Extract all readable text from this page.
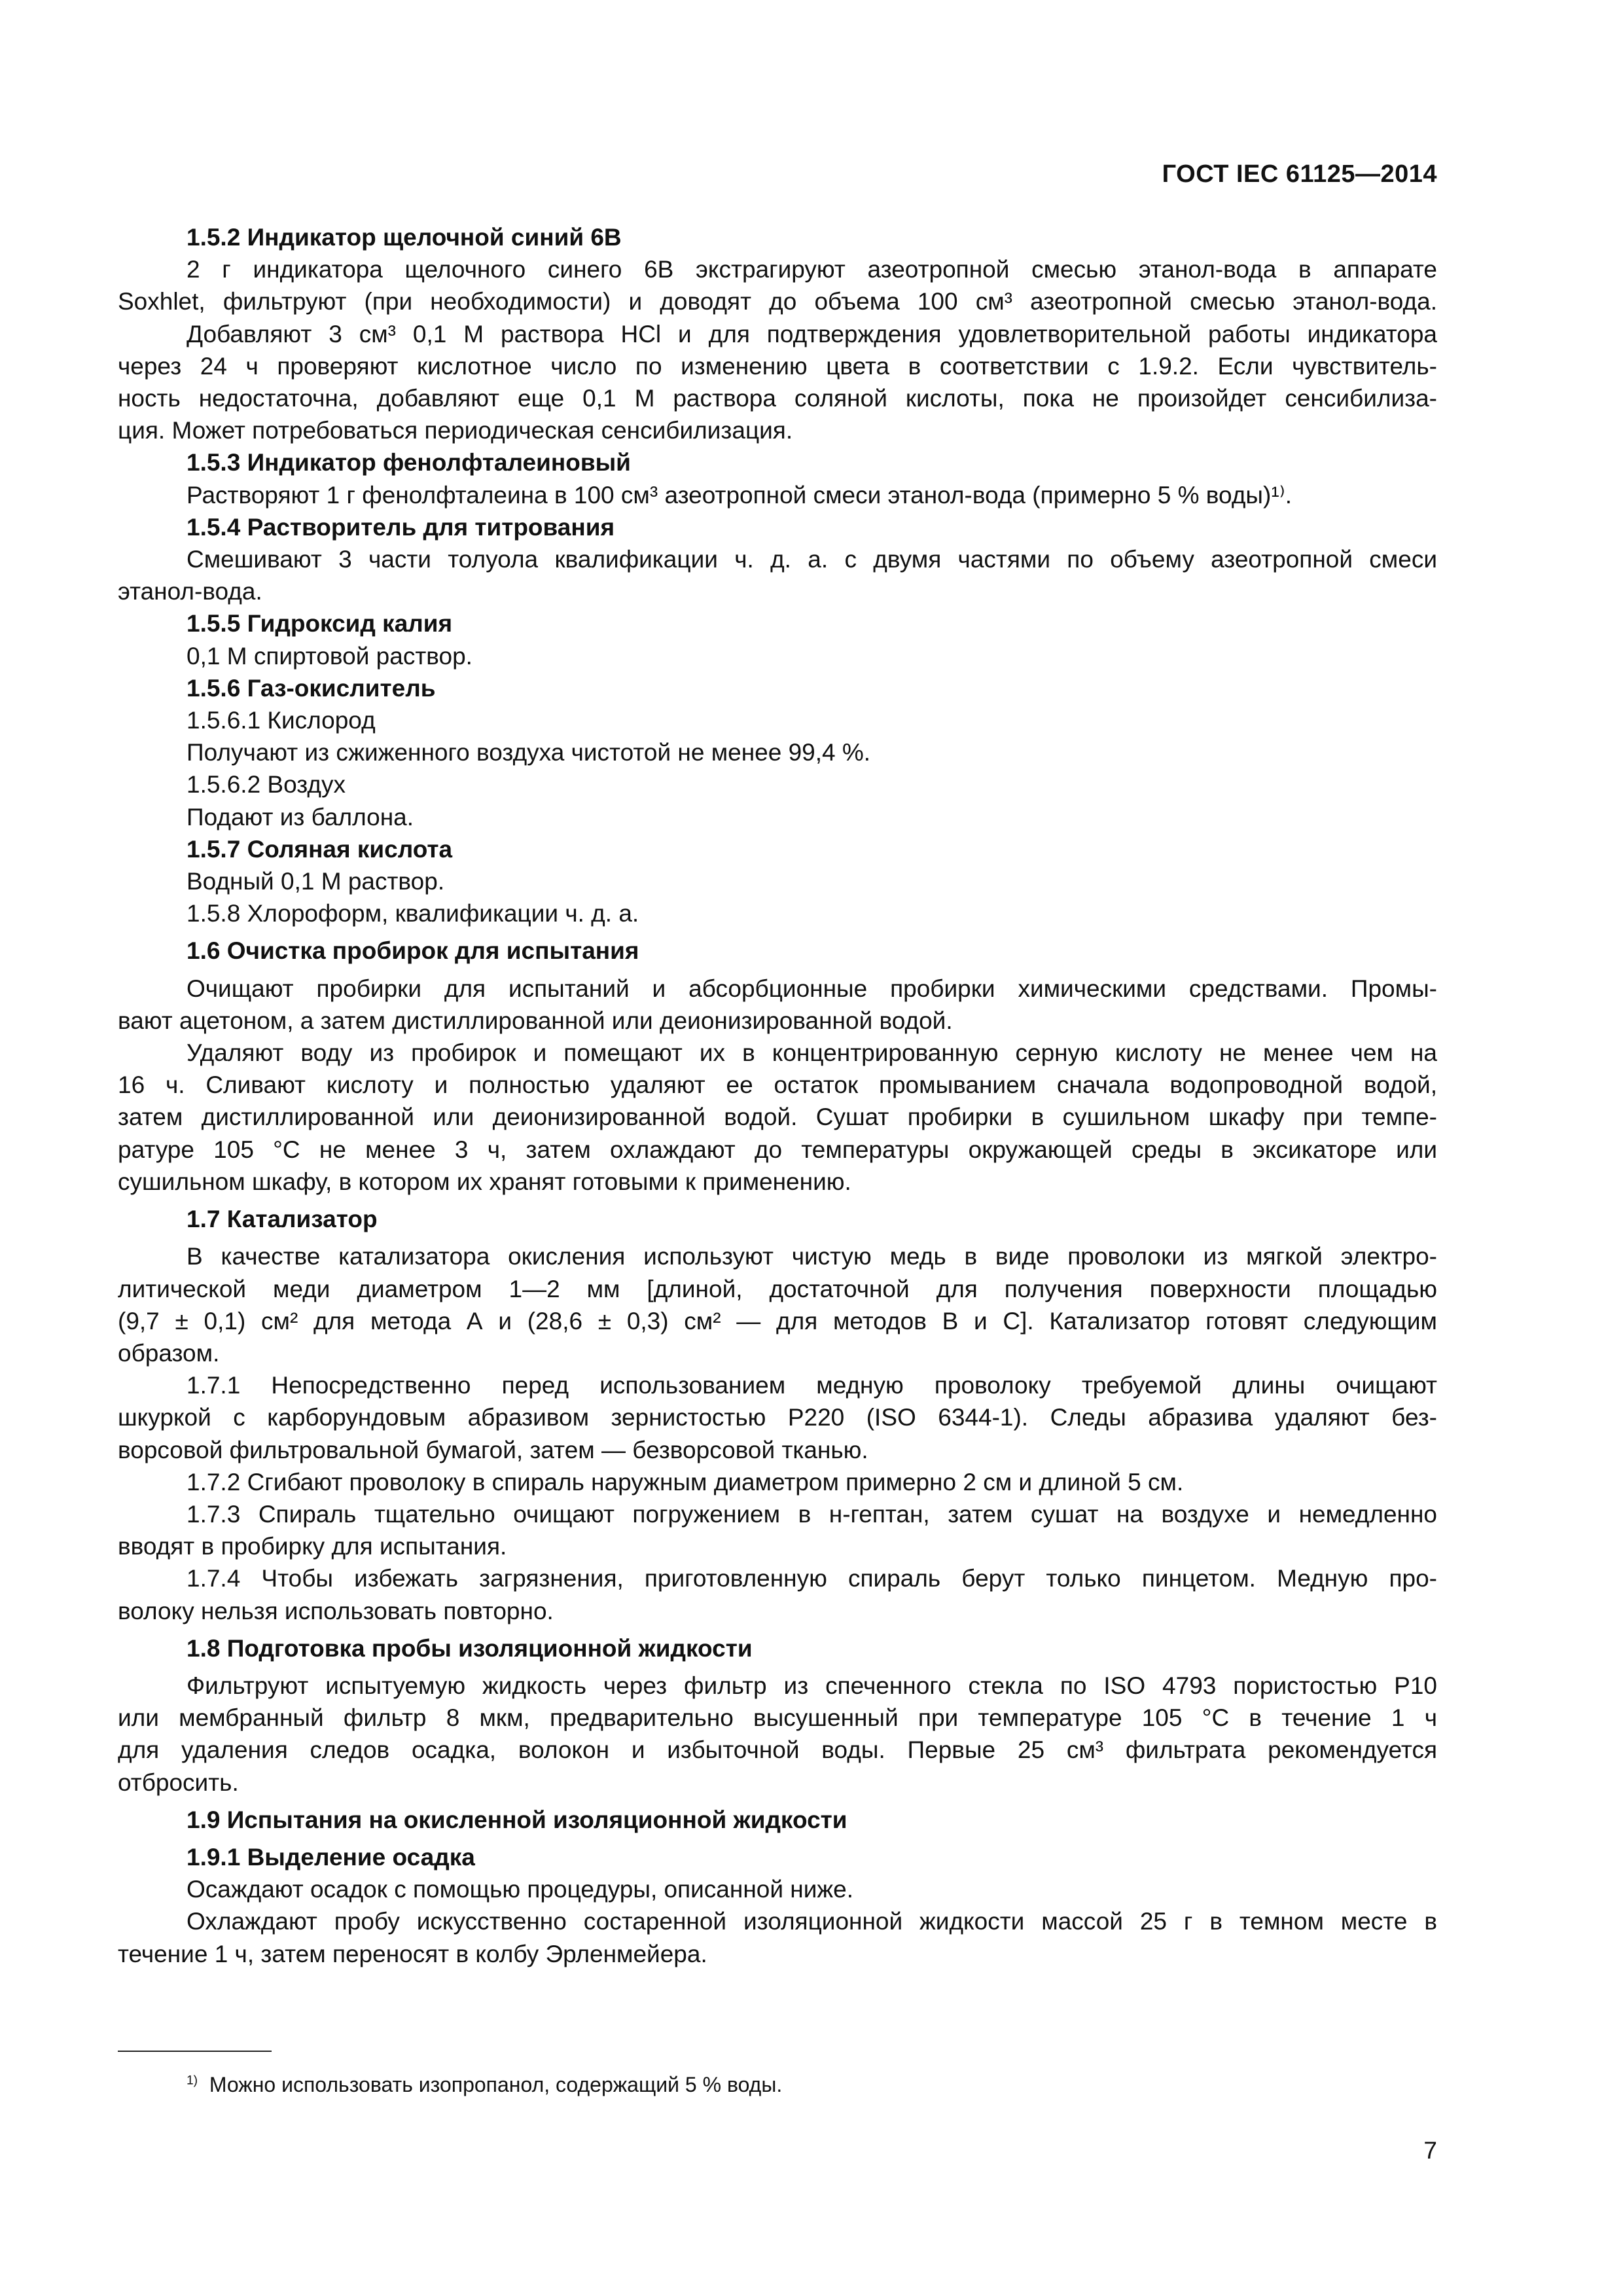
ГОСТ IEC 61125—2014
1.5.2 Индикатор щелочной синий 6B
2 г индикатора щелочного синего 6B экстрагируют азеотропной смесью этанол-вода в аппарате
Soxhlet, фильтруют (при необходимости) и доводят до объема 100 см³ азеотропной смесью этанол-вода.
Добавляют 3 см³ 0,1 М раствора HCl и для подтверждения удовлетворительной работы индикатора
через 24 ч проверяют кислотное число по изменению цвета в соответствии с 1.9.2. Если чувствитель-
ность недостаточна, добавляют еще 0,1 М раствора соляной кислоты, пока не произойдет сенсибилиза-
ция. Может потребоваться периодическая сенсибилизация.
1.5.3 Индикатор фенолфталеиновый
Растворяют 1 г фенолфталеина в 100 см³ азеотропной смеси этанол-вода (примерно 5 % воды)¹⁾.
1.5.4 Растворитель для титрования
Смешивают 3 части толуола квалификации ч. д. а. с двумя частями по объему азеотропной смеси
этанол-вода.
1.5.5 Гидроксид калия
0,1 М спиртовой раствор.
1.5.6 Газ-окислитель
1.5.6.1 Кислород
Получают из сжиженного воздуха чистотой не менее 99,4 %.
1.5.6.2 Воздух
Подают из баллона.
1.5.7 Соляная кислота
Водный 0,1 М раствор.
1.5.8 Хлороформ, квалификации ч. д. а.
1.6 Очистка пробирок для испытания
Очищают пробирки для испытаний и абсорбционные пробирки химическими средствами. Промы-
вают ацетоном, а затем дистиллированной или деионизированной водой.
Удаляют воду из пробирок и помещают их в концентрированную серную кислоту не менее чем на
16 ч. Сливают кислоту и полностью удаляют ее остаток промыванием сначала водопроводной водой,
затем дистиллированной или деионизированной водой. Сушат пробирки в сушильном шкафу при темпе-
ратуре 105 °C не менее 3 ч, затем охлаждают до температуры окружающей среды в эксикаторе или
сушильном шкафу, в котором их хранят готовыми к применению.
1.7 Катализатор
В качестве катализатора окисления используют чистую медь в виде проволоки из мягкой электро-
литической меди диаметром 1—2 мм [длиной, достаточной для получения поверхности площадью
(9,7 ± 0,1) см² для метода А и (28,6 ± 0,3) см² — для методов В и С]. Катализатор готовят следующим
образом.
1.7.1 Непосредственно перед использованием медную проволоку требуемой длины очищают
шкуркой с карборундовым абразивом зернистостью P220 (ISO 6344-1). Следы абразива удаляют без-
ворсовой фильтровальной бумагой, затем — безворсовой тканью.
1.7.2 Сгибают проволоку в спираль наружным диаметром примерно 2 см и длиной 5 см.
1.7.3 Спираль тщательно очищают погружением в н-гептан, затем сушат на воздухе и немедленно
вводят в пробирку для испытания.
1.7.4 Чтобы избежать загрязнения, приготовленную спираль берут только пинцетом. Медную про-
волоку нельзя использовать повторно.
1.8 Подготовка пробы изоляционной жидкости
Фильтруют испытуемую жидкость через фильтр из спеченного стекла по ISO 4793 пористостью P10
или мембранный фильтр 8 мкм, предварительно высушенный при температуре 105 °C в течение 1 ч
для удаления следов осадка, волокон и избыточной воды. Первые 25 см³ фильтрата рекомендуется
отбросить.
1.9 Испытания на окисленной изоляционной жидкости
1.9.1 Выделение осадка
Осаждают осадок с помощью процедуры, описанной ниже.
Охлаждают пробу искусственно состаренной изоляционной жидкости массой 25 г в темном месте в
течение 1 ч, затем переносят в колбу Эрленмейера.
$^{1)}$ Можно использовать изопропанол, содержащий 5 % воды.
7
